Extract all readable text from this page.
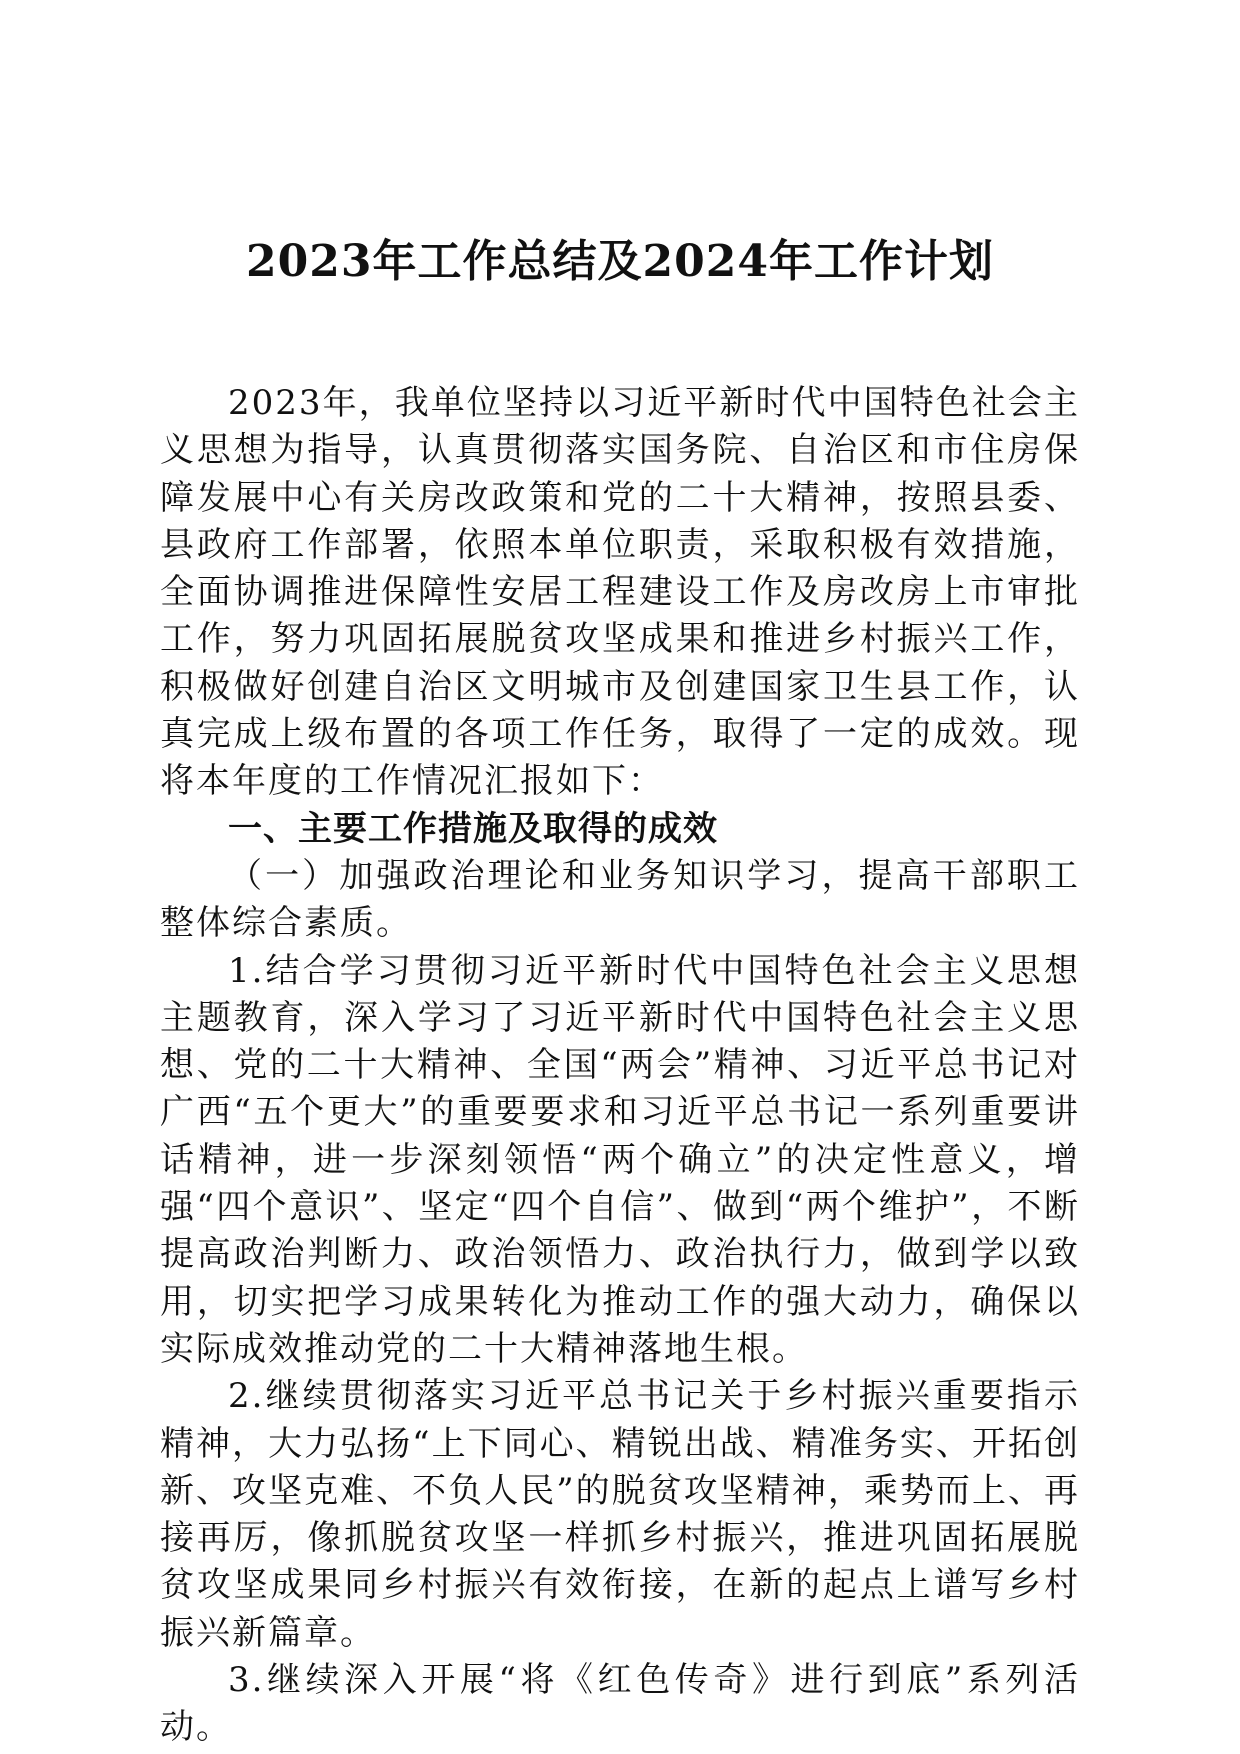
2023年工作总结及2024年工作计划

2023年，我单位坚持以习近平新时代中国特色社会主义思想为指导，认真贯彻落实国务院、自治区和市住房保障发展中心有关房改政策和党的二十大精神，按照县委、县政府工作部署，依照本单位职责，采取积极有效措施，全面协调推进保障性安居工程建设工作及房改房上市审批工作，努力巩固拓展脱贫攻坚成果和推进乡村振兴工作，积极做好创建自治区文明城市及创建国家卫生县工作，认真完成上级布置的各项工作任务，取得了一定的成效。现将本年度的工作情况汇报如下：

一、主要工作措施及取得的成效

（一）加强政治理论和业务知识学习，提高干部职工整体综合素质。

1.结合学习贯彻习近平新时代中国特色社会主义思想主题教育，深入学习了习近平新时代中国特色社会主义思想、党的二十大精神、全国“两会”精神、习近平总书记对广西“五个更大”的重要要求和习近平总书记一系列重要讲话精神，进一步深刻领悟“两个确立”的决定性意义，增强“四个意识”、坚定“四个自信”、做到“两个维护”，不断提高政治判断力、政治领悟力、政治执行力，做到学以致用，切实把学习成果转化为推动工作的强大动力，确保以实际成效推动党的二十大精神落地生根。

2.继续贯彻落实习近平总书记关于乡村振兴重要指示精神，大力弘扬“上下同心、精锐出战、精准务实、开拓创新、攻坚克难、不负人民”的脱贫攻坚精神，乘势而上、再接再厉，像抓脱贫攻坚一样抓乡村振兴，推进巩固拓展脱贫攻坚成果同乡村振兴有效衔接，在新的起点上谱写乡村振兴新篇章。

3.继续深入开展“将《红色传奇》进行到底”系列活动。
